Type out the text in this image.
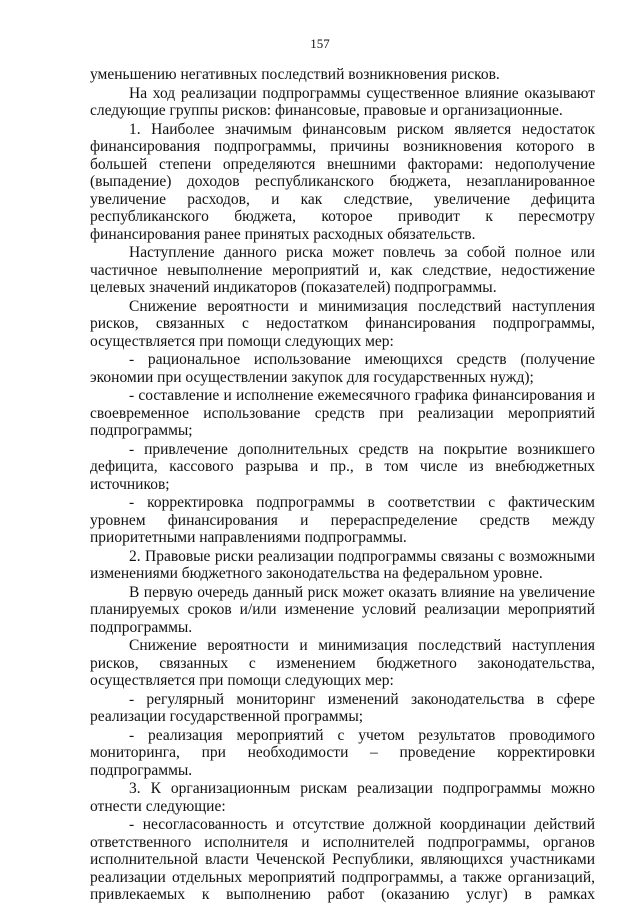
157

уменьшению негативных последствий возникновения рисков.

На ход реализации подпрограммы существенное влияние оказывают следующие группы рисков: финансовые, правовые и организационные.

1. Наиболее значимым финансовым риском является недостаток финансирования подпрограммы, причины возникновения которого в большей степени определяются внешними факторами: недополучение (выпадение) доходов республиканского бюджета, незапланированное увеличение расходов, и как следствие, увеличение дефицита республиканского бюджета, которое приводит к пересмотру финансирования ранее принятых расходных обязательств.

Наступление данного риска может повлечь за собой полное или частичное невыполнение мероприятий и, как следствие, недостижение целевых значений индикаторов (показателей) подпрограммы.

Снижение вероятности и минимизация последствий наступления рисков, связанных с недостатком финансирования подпрограммы, осуществляется при помощи следующих мер:

- рациональное использование имеющихся средств (получение экономии при осуществлении закупок для государственных нужд);

- составление и исполнение ежемесячного графика финансирования и своевременное использование средств при реализации мероприятий подпрограммы;

- привлечение дополнительных средств на покрытие возникшего дефицита, кассового разрыва и пр., в том числе из внебюджетных источников;

- корректировка подпрограммы в соответствии с фактическим уровнем финансирования и перераспределение средств между приоритетными направлениями подпрограммы.

2. Правовые риски реализации подпрограммы связаны с возможными изменениями бюджетного законодательства на федеральном уровне.

В первую очередь данный риск может оказать влияние на увеличение планируемых сроков и/или изменение условий реализации мероприятий подпрограммы.

Снижение вероятности и минимизация последствий наступления рисков, связанных с изменением бюджетного законодательства, осуществляется при помощи следующих мер:

- регулярный мониторинг изменений законодательства в сфере реализации государственной программы;

- реализация мероприятий с учетом результатов проводимого мониторинга, при необходимости – проведение корректировки подпрограммы.

3. К организационным рискам реализации подпрограммы можно отнести следующие:

- несогласованность и отсутствие должной координации действий ответственного исполнителя и исполнителей подпрограммы, органов исполнительной власти Чеченской Республики, являющихся участниками реализации отдельных мероприятий подпрограммы, а также организаций, привлекаемых к выполнению работ (оказанию услуг) в рамках
